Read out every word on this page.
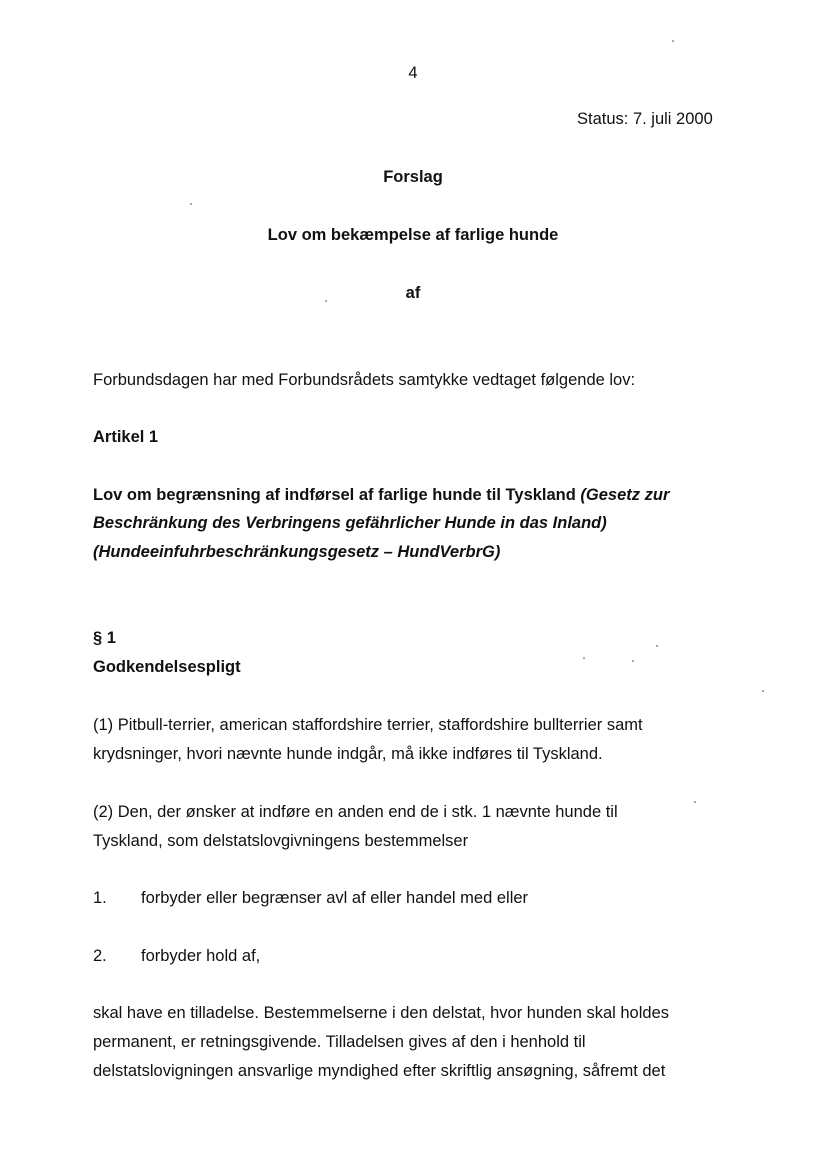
4
Status: 7. juli 2000
Forslag
Lov om bekæmpelse af farlige hunde
af
Forbundsdagen har med Forbundsrådets samtykke vedtaget følgende lov:
Artikel 1
Lov om begrænsning af indførsel af farlige hunde til Tyskland (Gesetz zur
Beschränkung des Verbringens gefährlicher Hunde in das Inland)
(Hundeeinfuhrbeschränkungsgesetz – HundVerbrG)
§ 1
Godkendelsespligt
(1) Pitbull-terrier, american staffordshire terrier, staffordshire bullterrier samt
krydsninger, hvori nævnte hunde indgår, må ikke indføres til Tyskland.
(2) Den, der ønsker at indføre en anden end de i stk. 1 nævnte hunde til
Tyskland, som delstatslovgivningens bestemmelser
1. forbyder eller begrænser avl af eller handel med eller
2. forbyder hold af,
skal have en tilladelse. Bestemmelserne i den delstat, hvor hunden skal holdes
permanent, er retningsgivende. Tilladelsen gives af den i henhold til
delstatslovigningen ansvarlige myndighed efter skriftlig ansøgning, såfremt det
